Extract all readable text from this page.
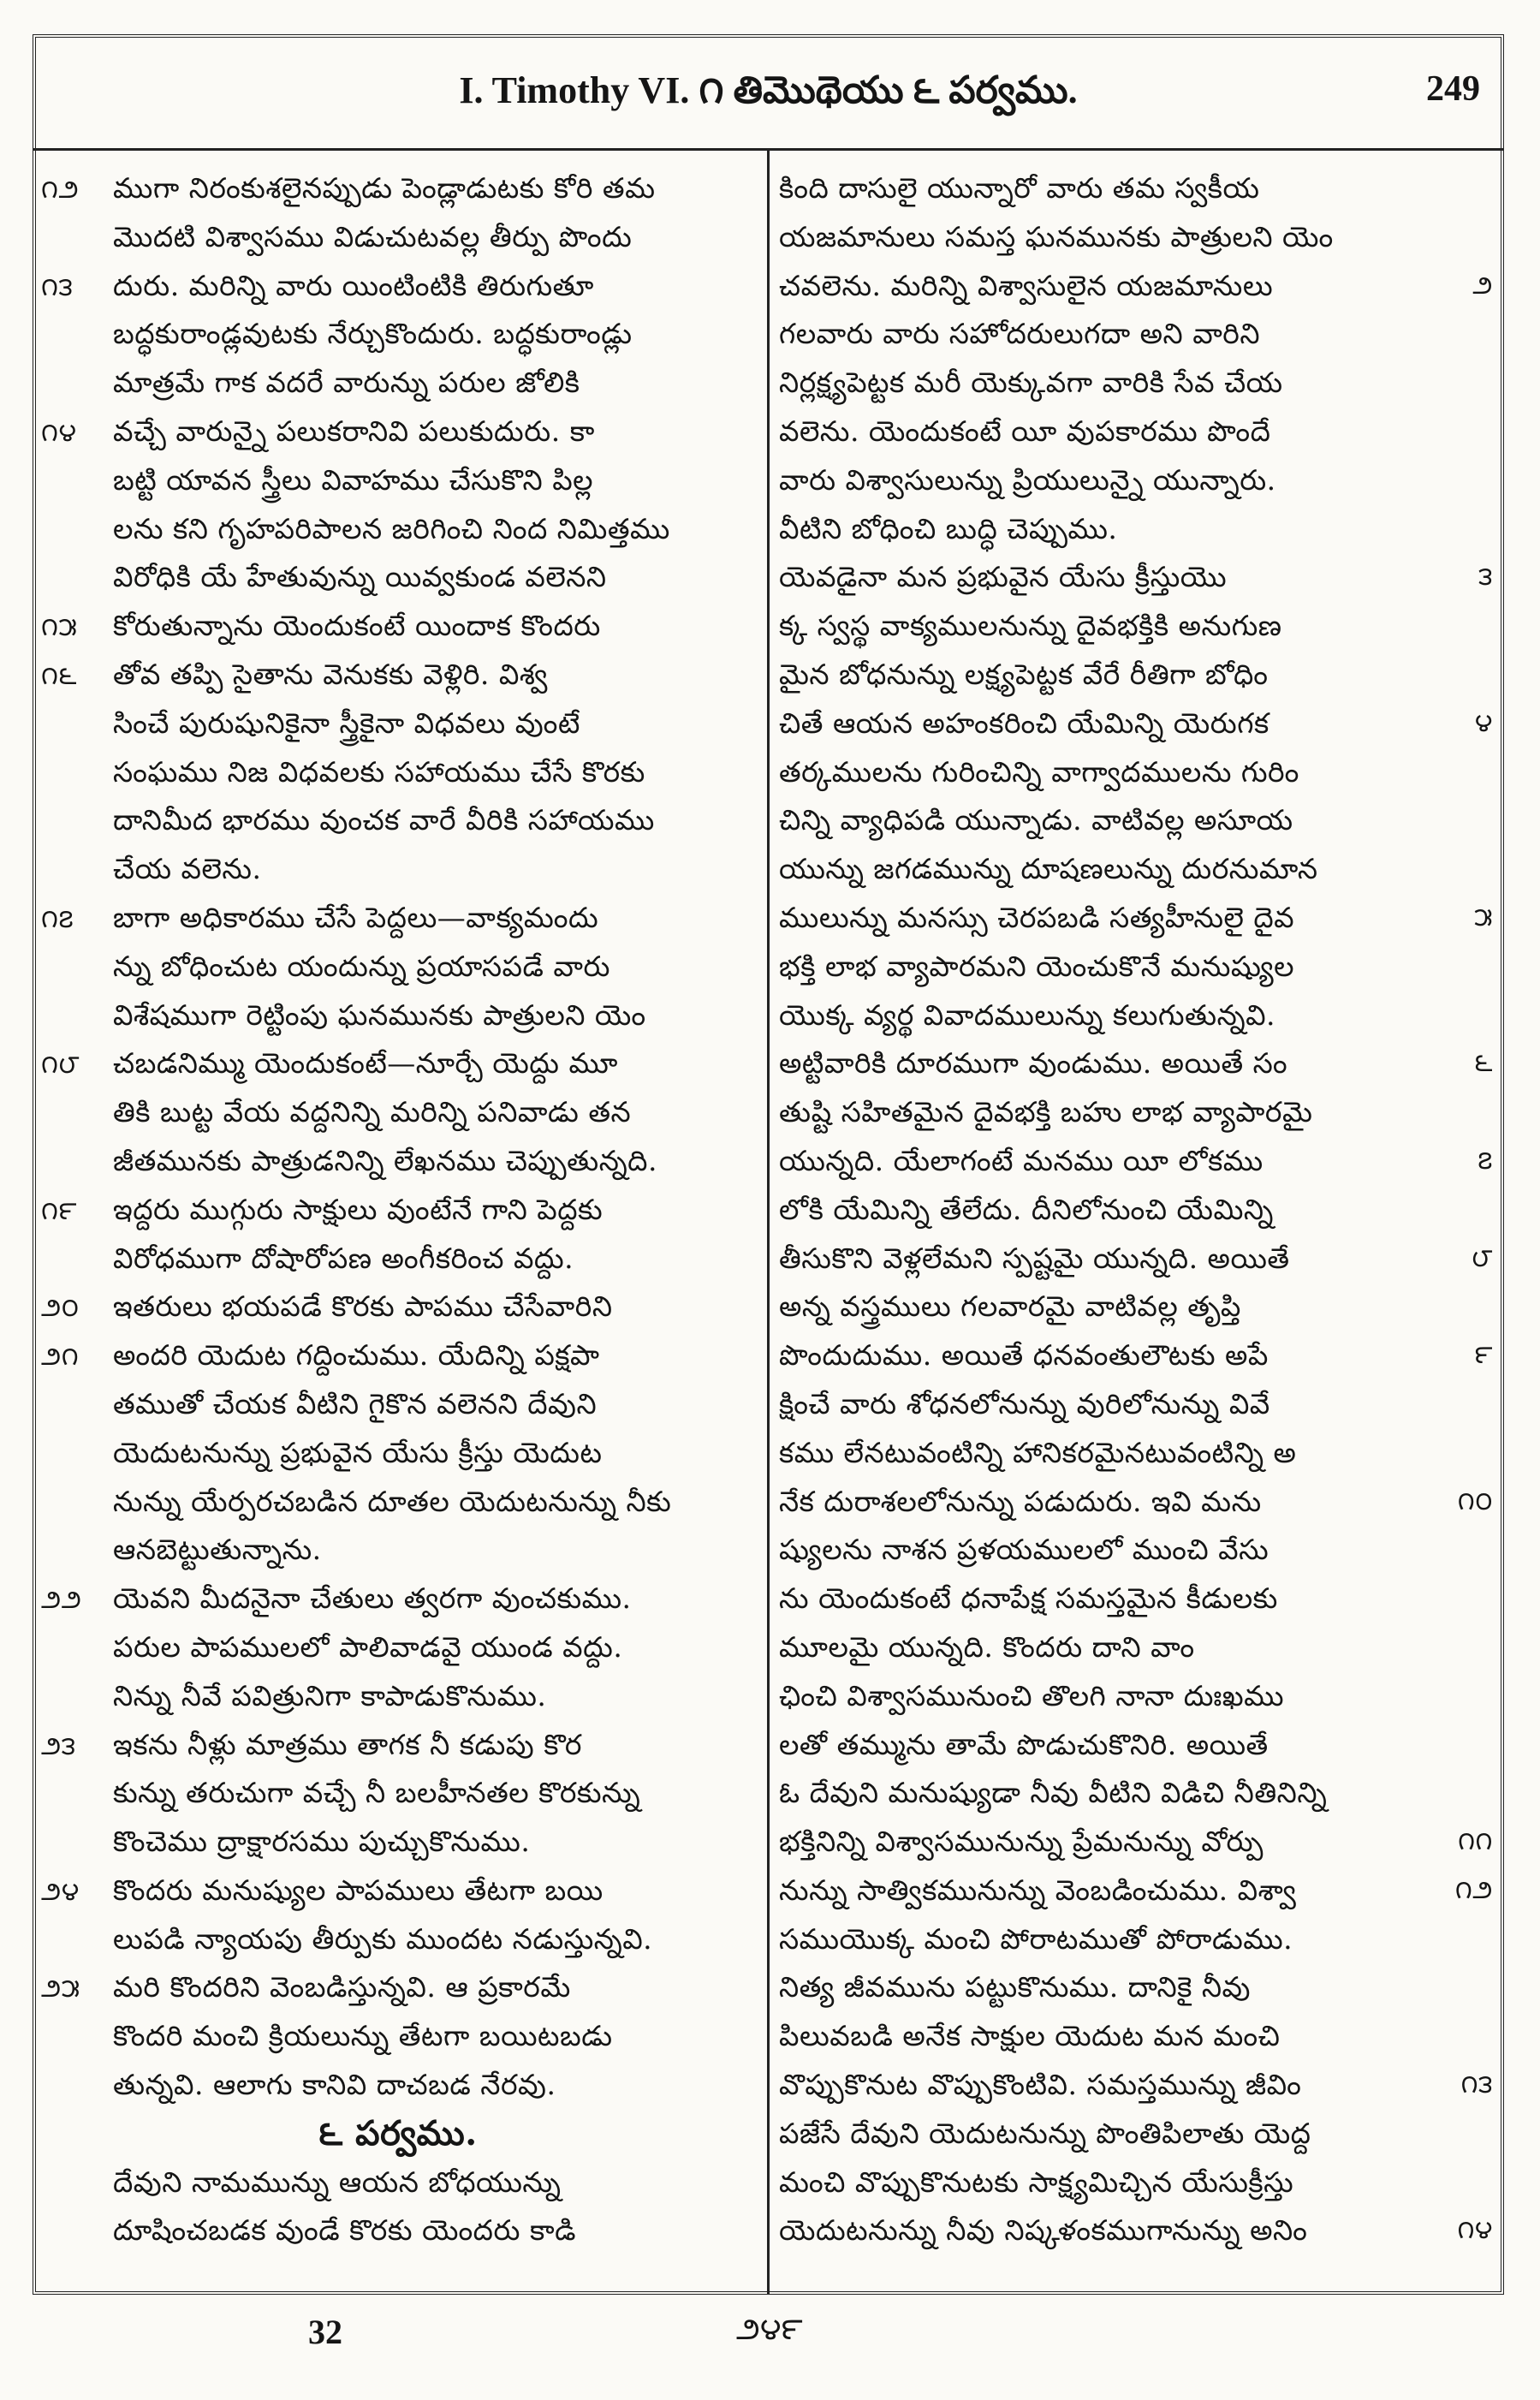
I. Timothy VI. ౧ తిమొథెయు ౬ పర్వము.	249
౧౨ ముగా నిరంకుశలైనప్పుడు పెండ్లాడుటకు కోరి తమ
మొదటి విశ్వాసము విడుచుటవల్ల తీర్పు పొందు
౧౩ దురు. మరిన్ని వారు యింటింటికి తిరుగుతూ
బద్ధకురాండ్లవుటకు నేర్చుకొందురు. బద్ధకురాండ్లు
మాత్రమే గాక వదరే వారున్ను పరుల జోలికి
౧౪ వచ్చే వారున్నై పలుకరానివి పలుకుదురు. కా
బట్టి యావన స్త్రీలు వివాహము చేసుకొని పిల్ల
లను కని గృహపరిపాలన జరిగించి నింద నిమిత్తము
విరోధికి యే హేతువున్ను యివ్వకుండ వలెనని
౧౫ కోరుతున్నాను యెందుకంటే యిందాక కొందరు
౧౬ తోవ తప్పి సైతాను వెనుకకు వెళ్లిరి. విశ్వ
సించే పురుషునికైనా స్త్రీకైనా విధవలు వుంటే
సంఘము నిజ విధవలకు సహాయము చేసే కొరకు
దానిమీద భారము వుంచక వారే వీరికి సహాయము
చేయ వలెను.
౧౭ బాగా అధికారము చేసే పెద్దలు—వాక్యమందు
న్ను బోధించుట యందున్ను ప్రయాసపడే వారు
విశేషముగా రెట్టింపు ఘనమునకు పాత్రులని యెం
౧౮ చబడనిమ్ము యెందుకంటే—నూర్చే యెద్దు మూ
తికి బుట్ట వేయ వద్దనిన్ని మరిన్ని పనివాడు తన
జీతమునకు పాత్రుడనిన్ని లేఖనము చెప్పుతున్నది.
౧౯ ఇద్దరు ముగ్గురు సాక్షులు వుంటేనే గాని పెద్దకు
విరోధముగా దోషారోపణ అంగీకరించ వద్దు.
౨౦ ఇతరులు భయపడే కొరకు పాపము చేసేవారిని
౨౧ అందరి యెదుట గద్దించుము. యేదిన్ని పక్షపా
తముతో చేయక వీటిని గైకొన వలెనని దేవుని
యెదుటనున్ను ప్రభువైన యేసు క్రీస్తు యెదుట
నున్ను యేర్పరచబడిన దూతల యెదుటనున్ను నీకు
ఆనబెట్టుతున్నాను.
౨౨ యెవని మీదనైనా చేతులు త్వరగా వుంచకుము.
పరుల పాపములలో పాలివాడవై యుండ వద్దు.
నిన్ను నీవే పవిత్రునిగా కాపాడుకొనుము.
౨౩ ఇకను నీళ్లు మాత్రము తాగక నీ కడుపు కొర
కున్ను తరుచుగా వచ్చే నీ బలహీనతల కొరకున్ను
కొంచెము ద్రాక్షారసము పుచ్చుకొనుము.
౨౪ కొందరు మనుష్యుల పాపములు తేటగా బయి
లుపడి న్యాయపు తీర్పుకు ముందట నడుస్తున్నవి.
౨౫ మరి కొందరిని వెంబడిస్తున్నవి. ఆ ప్రకారమే
కొందరి మంచి క్రియలున్ను తేటగా బయిటబడు
తున్నవి. ఆలాగు కానివి దాచబడ నేరవు.
౬ పర్వము.
దేవుని నామమున్ను ఆయన బోధయున్ను
దూషించబడక వుండే కొరకు యెందరు కాడి
కింది దాసులై యున్నారో వారు తమ స్వకీయ
యజమానులు సమస్త ఘనమునకు పాత్రులని యెం
చవలెను. మరిన్ని విశ్వాసులైన యజమానులు	౨
గలవారు వారు సహోదరులుగదా అని వారిని
నిర్లక్ష్యపెట్టక మరీ యెక్కువగా వారికి సేవ చేయ
వలెను. యెందుకంటే యీ వుపకారము పొందే
వారు విశ్వాసులున్ను ప్రియులున్నై యున్నారు.
వీటిని బోధించి బుద్ధి చెప్పుము.
యెవడైనా మన ప్రభువైన యేసు క్రీస్తుయొ	౩
క్క స్వస్థ వాక్యములనున్ను దైవభక్తికి అనుగుణ
మైన బోధనున్ను లక్ష్యపెట్టక వేరే రీతిగా బోధిం
చితే ఆయన అహంకరించి యేమిన్ని యెరుగక	౪
తర్కములను గురించిన్ని వాగ్వాదములను గురిం
చిన్ని వ్యాధిపడి యున్నాడు. వాటివల్ల అసూయ
యున్ను జగడమున్ను దూషణలున్ను దురనుమాన
ములున్ను మనస్సు చెరపబడి సత్యహీనులై దైవ	౫
భక్తి లాభ వ్యాపారమని యెంచుకొనే మనుష్యుల
యొక్క వ్యర్థ వివాదములున్ను కలుగుతున్నవి.
అట్టివారికి దూరముగా వుండుము. అయితే సం	౬
తుష్టి సహితమైన దైవభక్తి బహు లాభ వ్యాపారమై
యున్నది. యేలాగంటే మనము యీ లోకము	౭
లోకి యేమిన్ని తేలేదు. దీనిలోనుంచి యేమిన్ని
తీసుకొని వెళ్లలేమని స్పష్టమై యున్నది. అయితే	౮
అన్న వస్త్రములు గలవారమై వాటివల్ల తృప్తి
పొందుదుము. అయితే ధనవంతులౌటకు అపే	౯
క్షించే వారు శోధనలోనున్ను వురిలోనున్ను వివే
కము లేనటువంటిన్ని హానికరమైనటువంటిన్ని అ
నేక దురాశలలోనున్ను పడుదురు. ఇవి మను	౧౦
ష్యులను నాశన ప్రళయములలో ముంచి వేసు
ను యెందుకంటే ధనాపేక్ష సమస్తమైన కీడులకు
మూలమై యున్నది. కొందరు దాని వాం
ఛించి విశ్వాసమునుంచి తొలగి నానా దుఃఖము
లతో తమ్మును తామే పొడుచుకొనిరి. అయితే
ఓ దేవుని మనుష్యుడా నీవు వీటిని విడిచి నీతినిన్ని
భక్తినిన్ని విశ్వాసమునున్ను ప్రేమనున్ను వోర్పు	౧౧
నున్ను సాత్వికమునున్ను వెంబడించుము. విశ్వా	౧౨
సముయొక్క మంచి పోరాటముతో పోరాడుము.
నిత్య జీవమును పట్టుకొనుము. దానికై నీవు
పిలువబడి అనేక సాక్షుల యెదుట మన మంచి
వొప్పుకొనుట వొప్పుకొంటివి. సమస్తమున్ను జీవిం	౧౩
పజేసే దేవుని యెదుటనున్ను పొంతిపిలాతు యెద్ద
మంచి వొప్పుకొనుటకు సాక్ష్యమిచ్చిన యేసుక్రీస్తు
యెదుటనున్ను నీవు నిష్కళంకముగానున్ను అనిం	౧౪
32	౨౪౯
